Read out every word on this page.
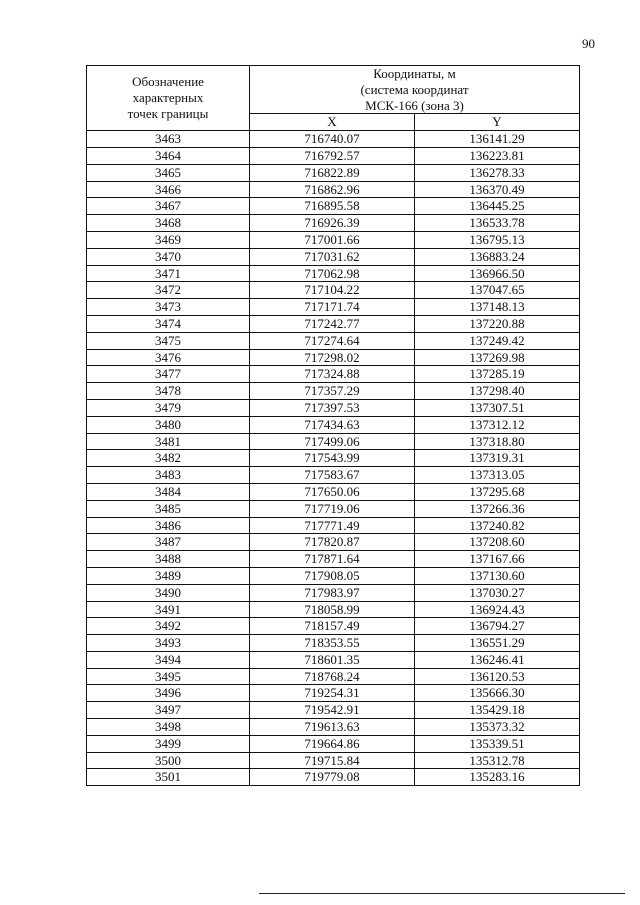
90
Обозначение
характерных
точек границы	Координаты, м
(система координат
МСК-166 (зона 3)	

	X	Y
3463	716740.07	136141.29
3464	716792.57	136223.81
3465	716822.89	136278.33
3466	716862.96	136370.49
3467	716895.58	136445.25
3468	716926.39	136533.78
3469	717001.66	136795.13
3470	717031.62	136883.24
3471	717062.98	136966.50
3472	717104.22	137047.65
3473	717171.74	137148.13
3474	717242.77	137220.88
3475	717274.64	137249.42
3476	717298.02	137269.98
3477	717324.88	137285.19
3478	717357.29	137298.40
3479	717397.53	137307.51
3480	717434.63	137312.12
3481	717499.06	137318.80
3482	717543.99	137319.31
3483	717583.67	137313.05
3484	717650.06	137295.68
3485	717719.06	137266.36
3486	717771.49	137240.82
3487	717820.87	137208.60
3488	717871.64	137167.66
3489	717908.05	137130.60
3490	717983.97	137030.27
3491	718058.99	136924.43
3492	718157.49	136794.27
3493	718353.55	136551.29
3494	718601.35	136246.41
3495	718768.24	136120.53
3496	719254.31	135666.30
3497	719542.91	135429.18
3498	719613.63	135373.32
3499	719664.86	135339.51
3500	719715.84	135312.78
3501	719779.08	135283.16
